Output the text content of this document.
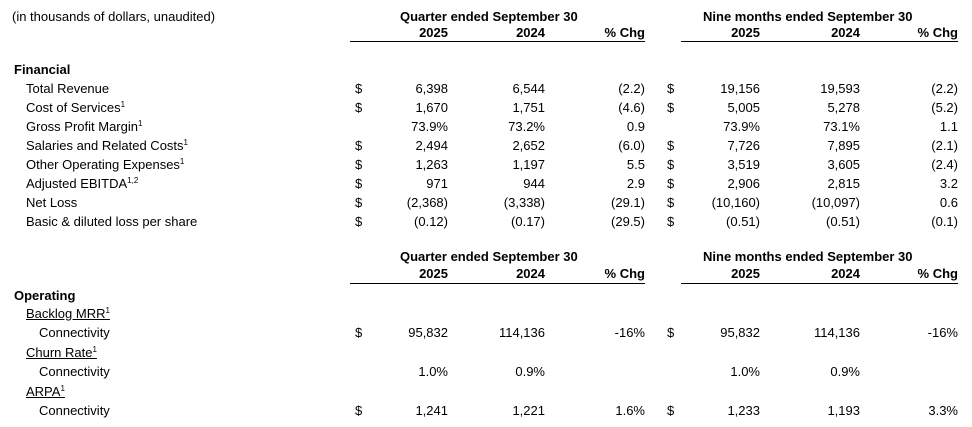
(in thousands of dollars, unaudited)	Quarter ended September 30	Nine months ended September 30
2025	2024	% Chg	2025	2024	% Chg
Financial
Total Revenue	$	6,398	6,544	(2.2) $	19,156	19,593	(2.2)
Cost of Services$^1$	$	1,670	1,751	(4.6) $	5,005	5,278	(5.2)
Gross Profit Margin$^1$	73.9%	73.2%	0.9	73.9%	73.1%	1.1
Salaries and Related Costs$^1$	$	2,494	2,652	(6.0) $	7,726	7,895	(2.1)
Other Operating Expenses$^1$	$	1,263	1,197	5.5 $	3,519	3,605	(2.4)
Adjusted EBITDA$^{1,2}$	$	971	944	2.9 $	2,906	2,815	3.2
Net Loss	$	(2,368)	(3,338)	(29.1) $	(10,160)	(10,097)	0.6
Basic & diluted loss per share	$	(0.12)	(0.17)	(29.5) $	(0.51)	(0.51)	(0.1)
Quarter ended September 30	Nine months ended September 30
2025	2024	% Chg	2025	2024	% Chg
Operating
Backlog MRR$^1$
Connectivity	$	95,832	114,136	-16% $	95,832	114,136	-16%
Churn Rate$^1$
Connectivity	1.0%	0.9%	1.0%	0.9%
ARPA$^1$
Connectivity	$	1,241	1,221	1.6% $	1,233	1,193	3.3%
